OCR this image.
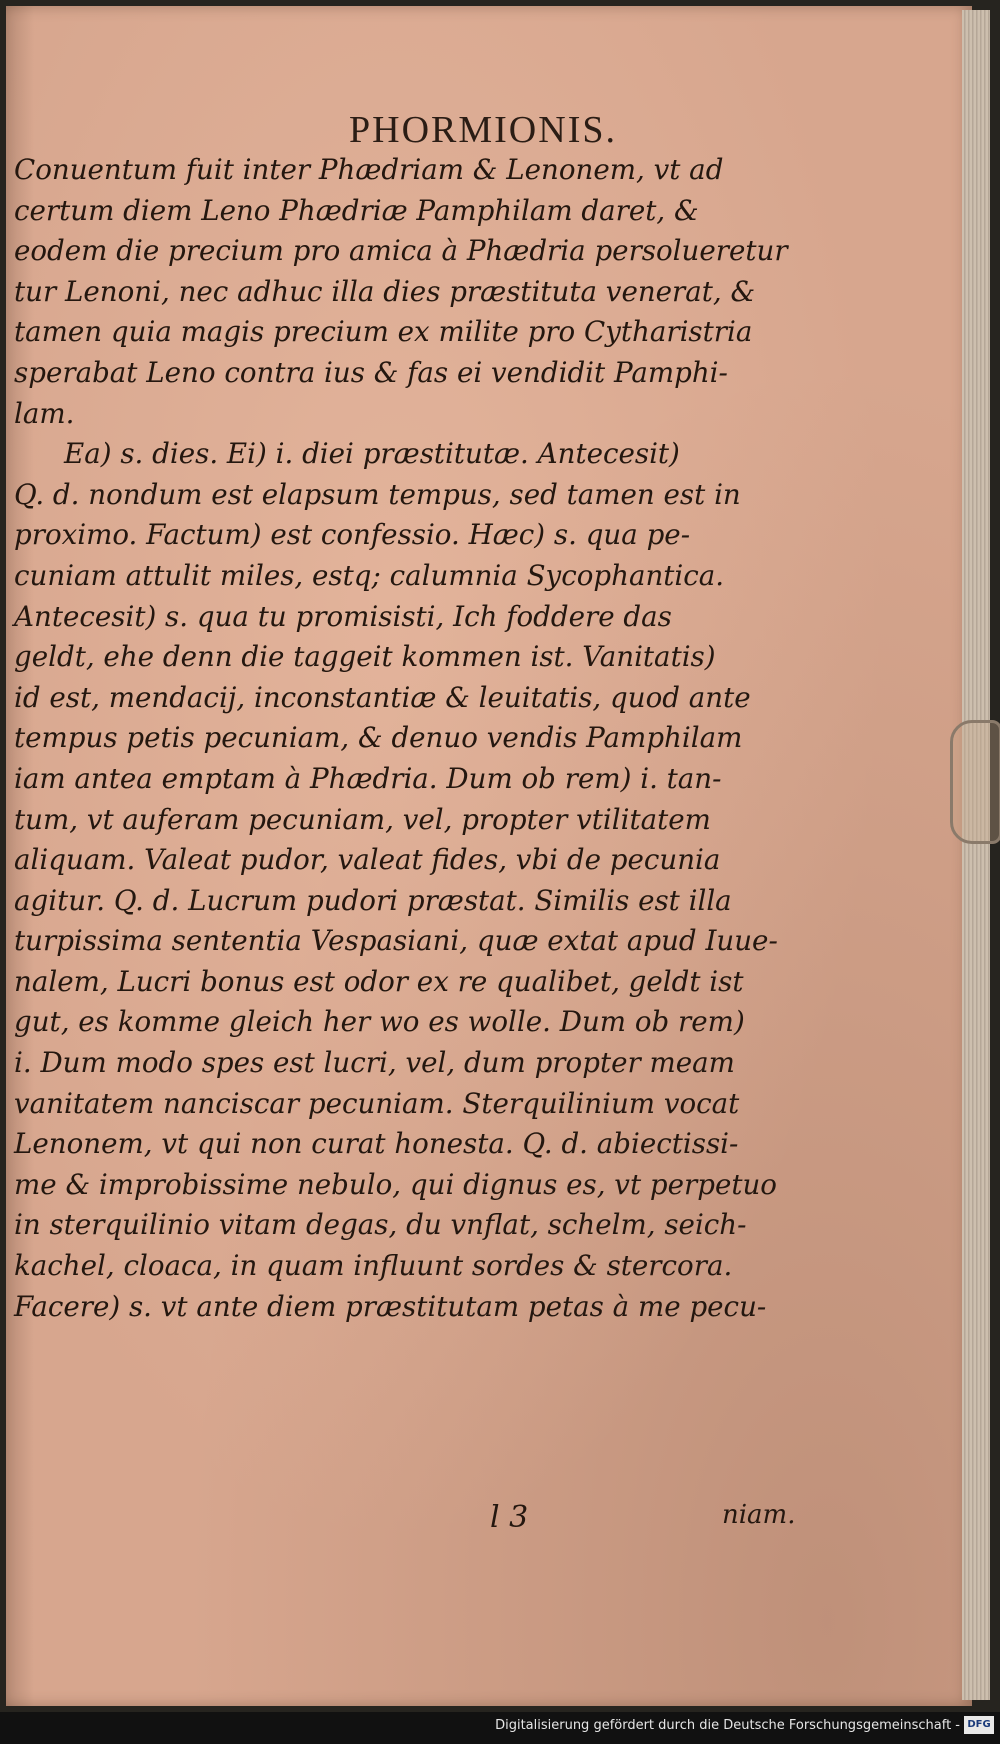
PHORMIONIS.
Conuentum fuit inter Phædriam & Lenonem, vt ad
certum diem Leno Phædriæ Pamphilam daret, &
eodem die precium pro amica à Phædria persolueretur
tur Lenoni, nec adhuc illa dies præstituta venerat, &
tamen quia magis precium ex milite pro Cytharistria
sperabat Leno contra ius & fas ei vendidit Pamphi-
lam.
Ea) s. dies. Ei) i. diei præstitutæ. Antecesit)
Q. d. nondum est elapsum tempus, sed tamen est in
proximo. Factum) est confessio. Hæc) s. qua pe-
cuniam attulit miles, estq; calumnia Sycophantica.
Antecesit) s. qua tu promisisti, Ich foddere das
geldt, ehe denn die taggeit kommen ist. Vanitatis)
id est, mendacij, inconstantiæ & leuitatis, quod ante
tempus petis pecuniam, & denuo vendis Pamphilam
iam antea emptam à Phædria. Dum ob rem) i. tan-
tum, vt auferam pecuniam, vel, propter vtilitatem
aliquam. Valeat pudor, valeat fides, vbi de pecunia
agitur. Q. d. Lucrum pudori præstat. Similis est illa
turpissima sententia Vespasiani, quæ extat apud Iuue-
nalem, Lucri bonus est odor ex re qualibet, geldt ist
gut, es komme gleich her wo es wolle. Dum ob rem)
i. Dum modo spes est lucri, vel, dum propter meam
vanitatem nanciscar pecuniam. Sterquilinium vocat
Lenonem, vt qui non curat honesta. Q. d. abiectissi-
me & improbissime nebulo, qui dignus es, vt perpetuo
in sterquilinio vitam degas, du vnflat, schelm, seich-
kachel, cloaca, in quam influunt sordes & stercora.
Facere) s. vt ante diem præstitutam petas à me pecu-
l 3	niam.
Digitalisierung gefördert durch die Deutsche Forschungsgemeinschaft - DFG
